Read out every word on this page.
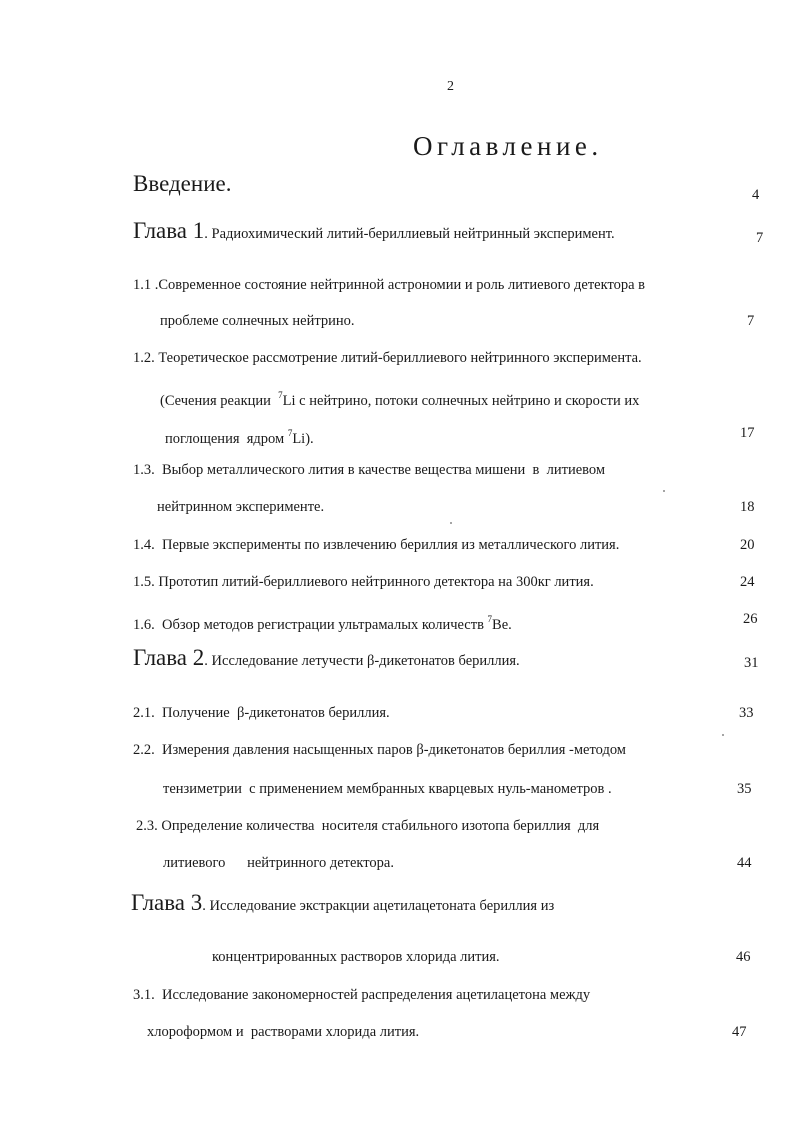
2
Оглавление.
Введение.	4
Глава 1. Радиохимический литий-бериллиевый нейтринный эксперимент.	7
1.1 .Современное состояние нейтринной астрономии и роль литиевого детектора в
проблеме солнечных нейтрино.	7
1.2. Теоретическое рассмотрение литий-бериллиевого нейтринного эксперимента.
(Сечения реакции  $^7$Li с нейтрино, потоки солнечных нейтрино и скорости их
поглощения  ядром $^7$Li).	17
1.3.  Выбор металлического лития в качестве вещества мишени  в  литиевом
нейтринном эксперименте.	18
1.4.  Первые эксперименты по извлечению бериллия из металлического лития.	20
1.5. Прототип литий-бериллиевого нейтринного детектора на 300кг лития.	24
1.6.  Обзор методов регистрации ультрамалых количеств $^7$Be.	26
Глава 2. Исследование летучести β-дикетонатов бериллия.	31
2.1.  Получение  β-дикетонатов бериллия.	33
2.2.  Измерения давления насыщенных паров β-дикетонатов бериллия -методом
тензиметрии  с применением мембранных кварцевых нуль-манометров .	35
2.3. Определение количества  носителя стабильного изотопа бериллия  для
литиевого      нейтринного детектора.	44
Глава 3. Исследование экстракции ацетилацетоната бериллия из
концентрированных растворов хлорида лития.	46
3.1.  Исследование закономерностей распределения ацетилацетона между
хлороформом и  растворами хлорида лития.	47
